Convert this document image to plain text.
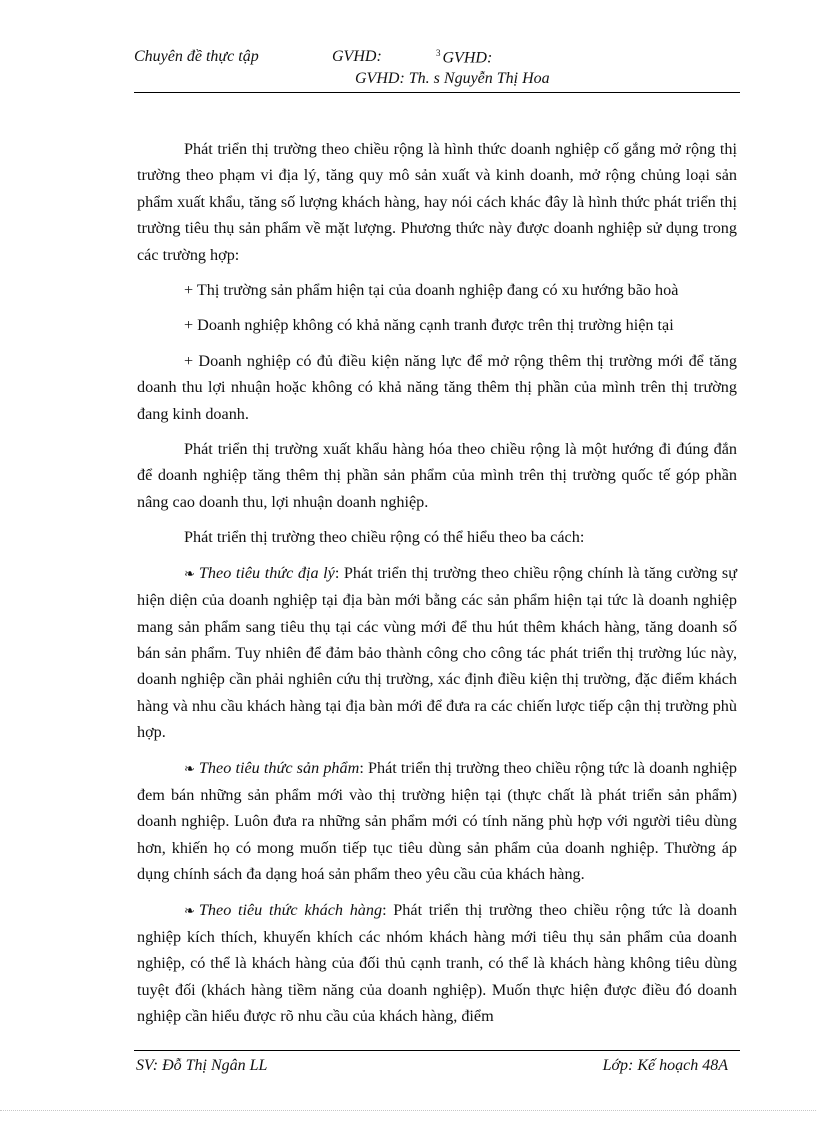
Chuyên đề thực tập	GVHD:	$^3$ GVHD:
GVHD: Th. s Nguyễn Thị Hoa

Phát triển thị trường theo chiều rộng là hình thức doanh nghiệp cố gắng mở rộng thị trường theo phạm vi địa lý, tăng quy mô sản xuất và kinh doanh, mở rộng chủng loại sản phẩm xuất khẩu, tăng số lượng khách hàng, hay nói cách khác đây là hình thức phát triển thị trường tiêu thụ sản phẩm về mặt lượng. Phương thức này được doanh nghiệp sử dụng trong các trường hợp:

+ Thị trường sản phẩm hiện tại của doanh nghiệp đang có xu hướng bão hoà

+ Doanh nghiệp không có khả năng cạnh tranh được trên thị trường hiện tại

+ Doanh nghiệp có đủ điều kiện năng lực để mở rộng thêm thị trường mới để tăng doanh thu lợi nhuận hoặc không có khả năng tăng thêm thị phần của mình trên thị trường đang kinh doanh.

Phát triển thị trường xuất khẩu hàng hóa theo chiều rộng là một hướng đi đúng đắn để doanh nghiệp tăng thêm thị phần sản phẩm của mình trên thị trường quốc tế góp phần nâng cao doanh thu, lợi nhuận doanh nghiệp.

Phát triển thị trường theo chiều rộng có thể hiểu theo ba cách:

❧ Theo tiêu thức địa lý: Phát triển thị trường theo chiều rộng chính là tăng cường sự hiện diện của doanh nghiệp tại địa bàn mới bằng các sản phẩm hiện tại tức là doanh nghiệp mang sản phẩm sang tiêu thụ tại các vùng mới để thu hút thêm khách hàng, tăng doanh số bán sản phẩm. Tuy nhiên để đảm bảo thành công cho công tác phát triển thị trường lúc này, doanh nghiệp cần phải nghiên cứu thị trường, xác định điều kiện thị trường, đặc điểm khách hàng và nhu cầu khách hàng tại địa bàn mới để đưa ra các chiến lược tiếp cận thị trường phù hợp.

❧ Theo tiêu thức sản phẩm: Phát triển thị trường theo chiều rộng tức là doanh nghiệp đem bán những sản phẩm mới vào thị trường hiện tại (thực chất là phát triển sản phẩm) doanh nghiệp. Luôn đưa ra những sản phẩm mới có tính năng phù hợp với người tiêu dùng hơn, khiến họ có mong muốn tiếp tục tiêu dùng sản phẩm của doanh nghiệp. Thường áp dụng chính sách đa dạng hoá sản phẩm theo yêu cầu của khách hàng.

❧ Theo tiêu thức khách hàng: Phát triển thị trường theo chiều rộng tức là doanh nghiệp kích thích, khuyến khích các nhóm khách hàng mới tiêu thụ sản phẩm của doanh nghiệp, có thể là khách hàng của đối thủ cạnh tranh, có thể là khách hàng không tiêu dùng tuyệt đối (khách hàng tiềm năng của doanh nghiệp). Muốn thực hiện được điều đó doanh nghiệp cần hiểu được rõ nhu cầu của khách hàng, điểm

SV: Đỗ Thị Ngân LL	Lớp: Kế hoạch 48A
